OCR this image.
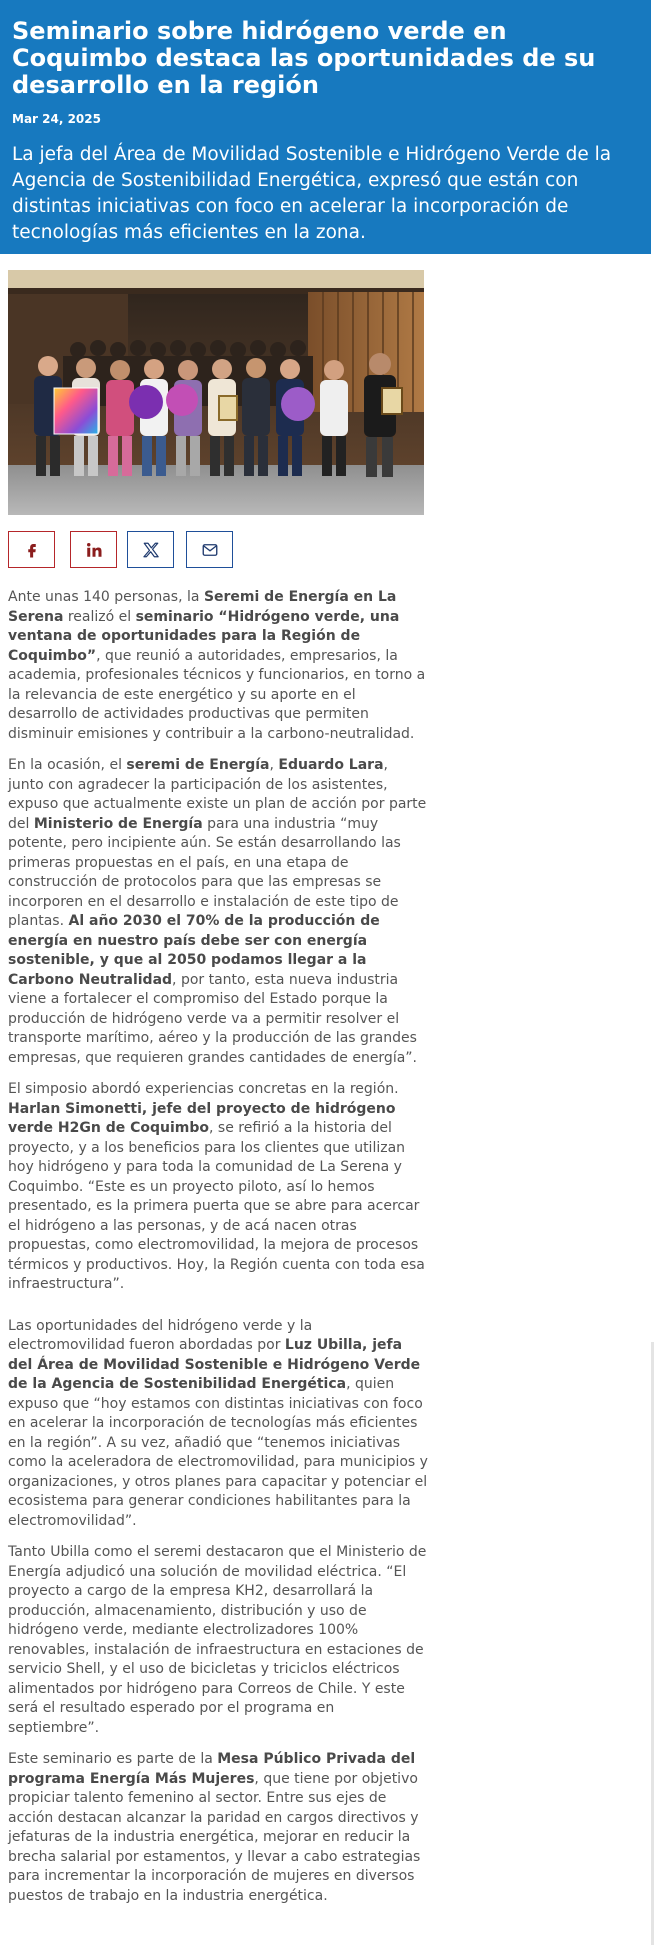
Seminario sobre hidrógeno verde en Coquimbo destaca las oportunidades de su desarrollo en la región
Mar 24, 2025
La jefa del Área de Movilidad Sostenible e Hidrógeno Verde de la Agencia de Sostenibilidad Energética, expresó que están con distintas iniciativas con foco en acelerar la incorporación de tecnologías más eficientes en la zona.

Ante unas 140 personas, la Seremi de Energía en La Serena realizó el seminario “Hidrógeno verde, una ventana de oportunidades para la Región de Coquimbo”, que reunió a autoridades, empresarios, la academia, profesionales técnicos y funcionarios, en torno a la relevancia de este energético y su aporte en el desarrollo de actividades productivas que permiten disminuir emisiones y contribuir a la carbono-neutralidad.

En la ocasión, el seremi de Energía, Eduardo Lara, junto con agradecer la participación de los asistentes, expuso que actualmente existe un plan de acción por parte del Ministerio de Energía para una industria “muy potente, pero incipiente aún. Se están desarrollando las primeras propuestas en el país, en una etapa de construcción de protocolos para que las empresas se incorporen en el desarrollo e instalación de este tipo de plantas. Al año 2030 el 70% de la producción de energía en nuestro país debe ser con energía sostenible, y que al 2050 podamos llegar a la Carbono Neutralidad, por tanto, esta nueva industria viene a fortalecer el compromiso del Estado porque la producción de hidrógeno verde va a permitir resolver el transporte marítimo, aéreo y la producción de las grandes empresas, que requieren grandes cantidades de energía”.

El simposio abordó experiencias concretas en la región. Harlan Simonetti, jefe del proyecto de hidrógeno verde H2Gn de Coquimbo, se refirió a la historia del proyecto, y a los beneficios para los clientes que utilizan hoy hidrógeno y para toda la comunidad de La Serena y Coquimbo. “Este es un proyecto piloto, así lo hemos presentado, es la primera puerta que se abre para acercar el hidrógeno a las personas, y de acá nacen otras propuestas, como electromovilidad, la mejora de procesos térmicos y productivos. Hoy, la Región cuenta con toda esa infraestructura”.

Las oportunidades del hidrógeno verde y la electromovilidad fueron abordadas por Luz Ubilla, jefa del Área de Movilidad Sostenible e Hidrógeno Verde de la Agencia de Sostenibilidad Energética, quien expuso que “hoy estamos con distintas iniciativas con foco en acelerar la incorporación de tecnologías más eficientes en la región”. A su vez, añadió que “tenemos iniciativas como la aceleradora de electromovilidad, para municipios y organizaciones, y otros planes para capacitar y potenciar el ecosistema para generar condiciones habilitantes para la electromovilidad”.

Tanto Ubilla como el seremi destacaron que el Ministerio de Energía adjudicó una solución de movilidad eléctrica. “El proyecto a cargo de la empresa KH2, desarrollará la producción, almacenamiento, distribución y uso de hidrógeno verde, mediante electrolizadores 100% renovables, instalación de infraestructura en estaciones de servicio Shell, y el uso de bicicletas y triciclos eléctricos alimentados por hidrógeno para Correos de Chile. Y este será el resultado esperado por el programa en septiembre”.

Este seminario es parte de la Mesa Público Privada del programa Energía Más Mujeres, que tiene por objetivo propiciar talento femenino al sector. Entre sus ejes de acción destacan alcanzar la paridad en cargos directivos y jefaturas de la industria energética, mejorar en reducir la brecha salarial por estamentos, y llevar a cabo estrategias para incrementar la incorporación de mujeres en diversos puestos de trabajo en la industria energética.
